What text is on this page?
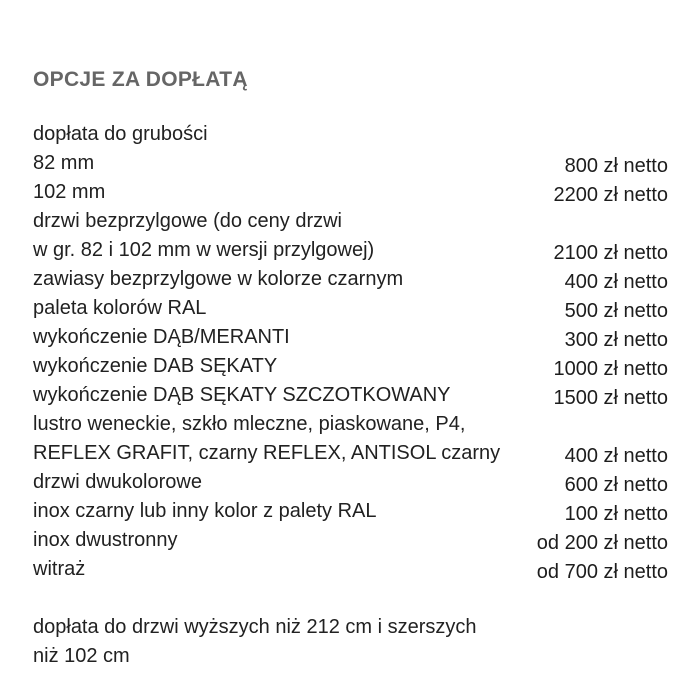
OPCJE ZA DOPŁATĄ
dopłata do grubości
82 mm	800 zł netto
102 mm	2200 zł netto
drzwi bezprzylgowe (do ceny drzwi
w gr. 82 i 102 mm w wersji przylgowej)	2100 zł netto
zawiasy bezprzylgowe w kolorze czarnym	400 zł netto
paleta kolorów RAL	500 zł netto
wykończenie DĄB/MERANTI	300 zł netto
wykończenie DAB SĘKATY	1000 zł netto
wykończenie DĄB SĘKATY SZCZOTKOWANY	1500 zł netto
lustro weneckie, szkło mleczne, piaskowane, P4,
REFLEX GRAFIT, czarny REFLEX, ANTISOL czarny	400 zł netto
drzwi dwukolorowe	600 zł netto
inox czarny lub inny kolor z palety RAL	100 zł netto
inox dwustronny	od 200 zł netto
witraż	od 700 zł netto
dopłata do drzwi wyższych niż 212 cm i szerszych
niż 102 cm
